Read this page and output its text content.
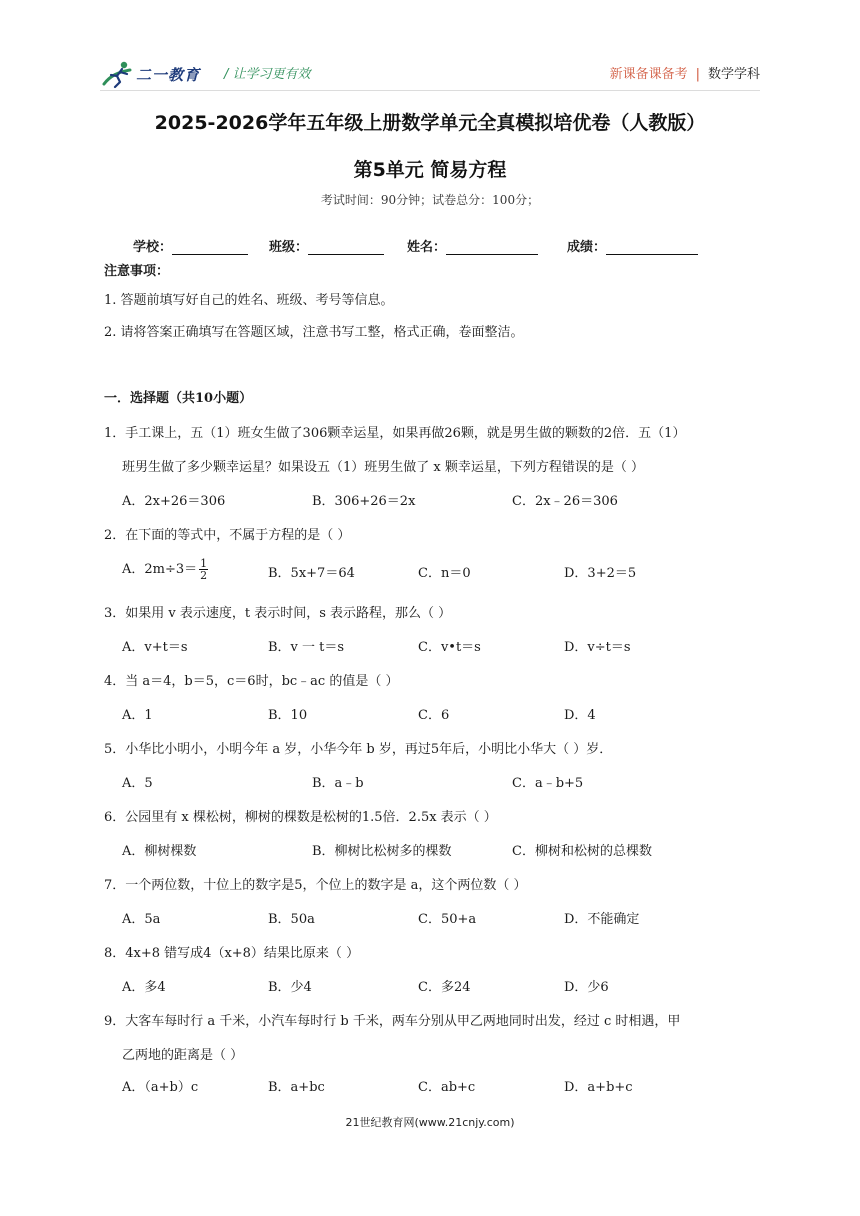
二一教育 / 让学习更有效	新课备课备考 | 数学学科
2025-2026学年五年级上册数学单元全真模拟培优卷（人教版）
第5单元 简易方程
考试时间：90分钟；试卷总分：100分；
学校：	班级：	姓名：	成绩：
注意事项：
1. 答题前填写好自己的姓名、班级、考号等信息。
2. 请将答案正确填写在答题区域，注意书写工整，格式正确，卷面整洁。
一．选择题（共10小题）
1．手工课上，五（1）班女生做了306颗幸运星，如果再做26颗，就是男生做的颗数的2倍．五（1）
班男生做了多少颗幸运星？如果设五（1）班男生做了 x 颗幸运星，下列方程错误的是（ ）
A．2x+26＝306	B．306+26＝2x	C．2x﹣26＝306
2．在下面的等式中，不属于方程的是（ ）
A．$2m\div 3= \frac{1}{2}$	B．5x+7＝64	C．n＝0	D．3+2＝5
3．如果用 v 表示速度，t 表示时间，s 表示路程，那么（ ）
A．v+t＝s	B．v 一 t＝s	C．v•t＝s	D．v÷t＝s
4．当 a＝4，b＝5，c＝6时，bc﹣ac 的值是（ ）
A．1	B．10	C．6	D．4
5．小华比小明小，小明今年 a 岁，小华今年 b 岁，再过5年后，小明比小华大（ ）岁．
A．5	B．a﹣b	C．a﹣b+5
6．公园里有 x 棵松树，柳树的棵数是松树的1.5倍．2.5x 表示（ ）
A．柳树棵数	B．柳树比松树多的棵数	C．柳树和松树的总棵数
7．一个两位数，十位上的数字是5，个位上的数字是 a，这个两位数（ ）
A．5a	B．50a	C．50+a	D．不能确定
8．4x+8 错写成4（x+8）结果比原来（ ）
A．多4	B．少4	C．多24	D．少6
9．大客车每时行 a 千米，小汽车每时行 b 千米，两车分别从甲乙两地同时出发，经过 c 时相遇，甲
乙两地的距离是（ ）
A．（a+b）c	B．a+bc	C．ab+c	D．a+b+c
21世纪教育网(www.21cnjy.com)
